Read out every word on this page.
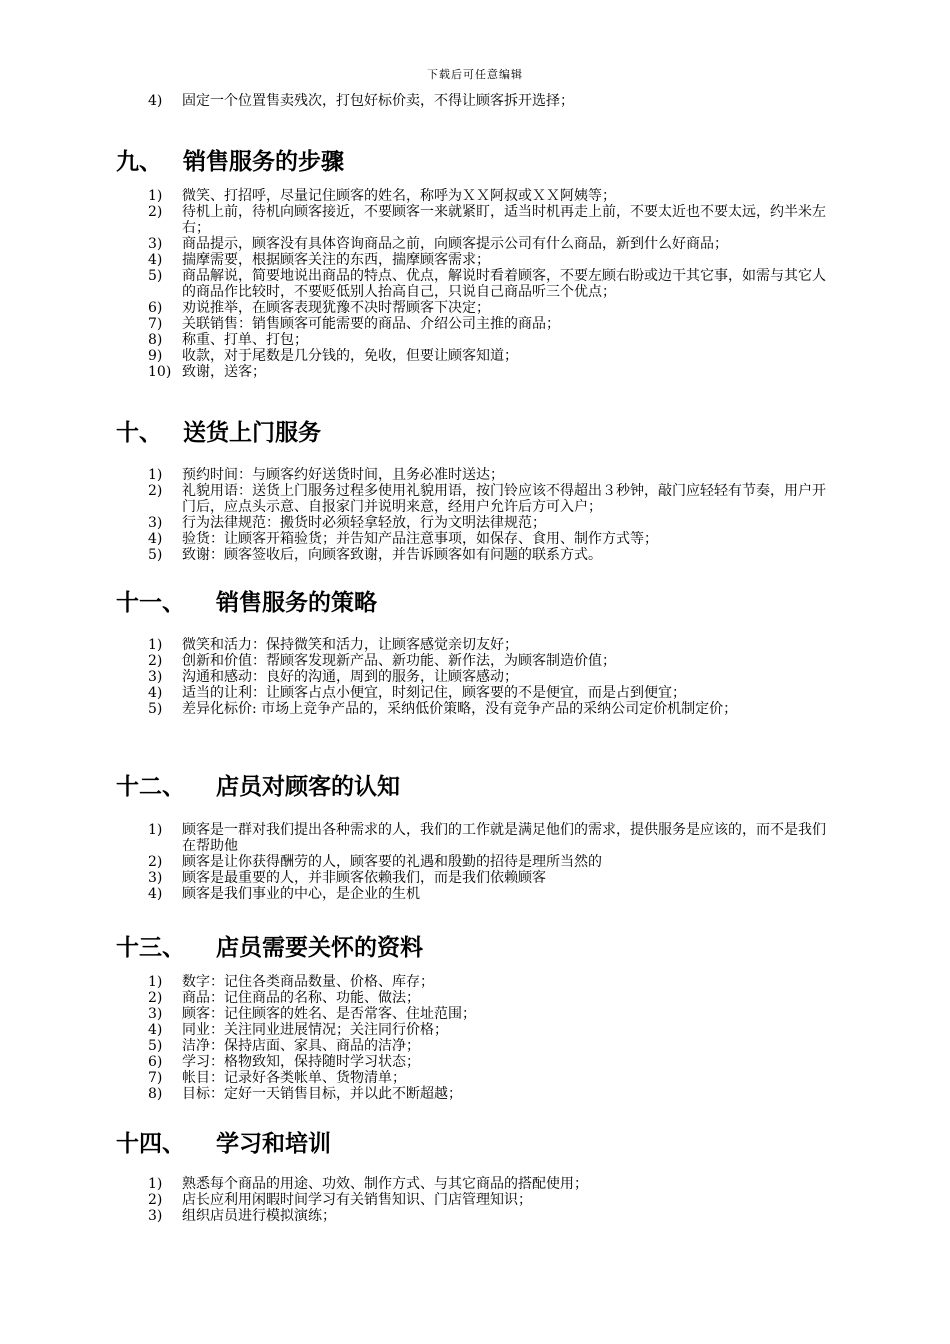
下载后可任意编辑
4)	固定一个位置售卖残次，打包好标价卖，不得让顾客拆开选择；
九、 销售服务的步骤
1)	微笑、打招呼，尽量记住顾客的姓名，称呼为ＸＸ阿叔或ＸＸ阿姨等；
2)	待机上前，待机向顾客接近，不要顾客一来就紧盯，适当时机再走上前，不要太近也不要太远，约半米左右；
3)	商品提示，顾客没有具体咨询商品之前，向顾客提示公司有什么商品，新到什么好商品；
4)	揣摩需要，根据顾客关注的东西，揣摩顾客需求；
5)	商品解说，简要地说出商品的特点、优点，解说时看着顾客，不要左顾右盼或边干其它事，如需与其它人的商品作比较时，不要贬低别人抬高自己，只说自己商品听三个优点；
6)	劝说推举，在顾客表现犹豫不决时帮顾客下决定；
7)	关联销售：销售顾客可能需要的商品、介绍公司主推的商品；
8)	称重、打单、打包；
9)	收款，对于尾数是几分钱的，免收，但要让顾客知道；
10) 致谢，送客；
十、 送货上门服务
1)	预约时间：与顾客约好送货时间，且务必准时送达；
2)	礼貌用语：送货上门服务过程多使用礼貌用语，按门铃应该不得超出３秒钟，敲门应轻轻有节奏，用户开门后，应点头示意、自报家门并说明来意，经用户允许后方可入户；
3)	行为法律规范：搬货时必须轻拿轻放，行为文明法律规范；
4)	验货：让顾客开箱验货；并告知产品注意事项，如保存、食用、制作方式等；
5)	致谢：顾客签收后，向顾客致谢，并告诉顾客如有问题的联系方式。
十一、 销售服务的策略
1)	微笑和活力：保持微笑和活力，让顾客感觉亲切友好；
2)	创新和价值：帮顾客发现新产品、新功能、新作法，为顾客制造价值；
3)	沟通和感动：良好的沟通，周到的服务，让顾客感动；
4)	适当的让利：让顾客占点小便宜，时刻记住，顾客要的不是便宜，而是占到便宜；
5)	差异化标价: 市场上竞争产品的，采纳低价策略，没有竞争产品的采纳公司定价机制定价；
十二、 店员对顾客的认知
1)	顾客是一群对我们提出各种需求的人，我们的工作就是满足他们的需求，提供服务是应该的，而不是我们在帮助他
2)	顾客是让你获得酬劳的人，顾客要的礼遇和殷勤的招待是理所当然的
3)	顾客是最重要的人，并非顾客依赖我们，而是我们依赖顾客
4)	顾客是我们事业的中心，是企业的生机
十三、 店员需要关怀的资料
1)	数字：记住各类商品数量、价格、库存；
2)	商品：记住商品的名称、功能、做法；
3)	顾客：记住顾客的姓名、是否常客、住址范围；
4)	同业：关注同业进展情况；关注同行价格；
5)	洁净：保持店面、家具、商品的洁净；
6)	学习：格物致知，保持随时学习状态；
7)	帐目：记录好各类帐单、货物清单；
8)	目标：定好一天销售目标，并以此不断超越；
十四、 学习和培训
1)	熟悉每个商品的用途、功效、制作方式、与其它商品的搭配使用；
2)	店长应利用闲暇时间学习有关销售知识、门店管理知识；
3)	组织店员进行模拟演练；
